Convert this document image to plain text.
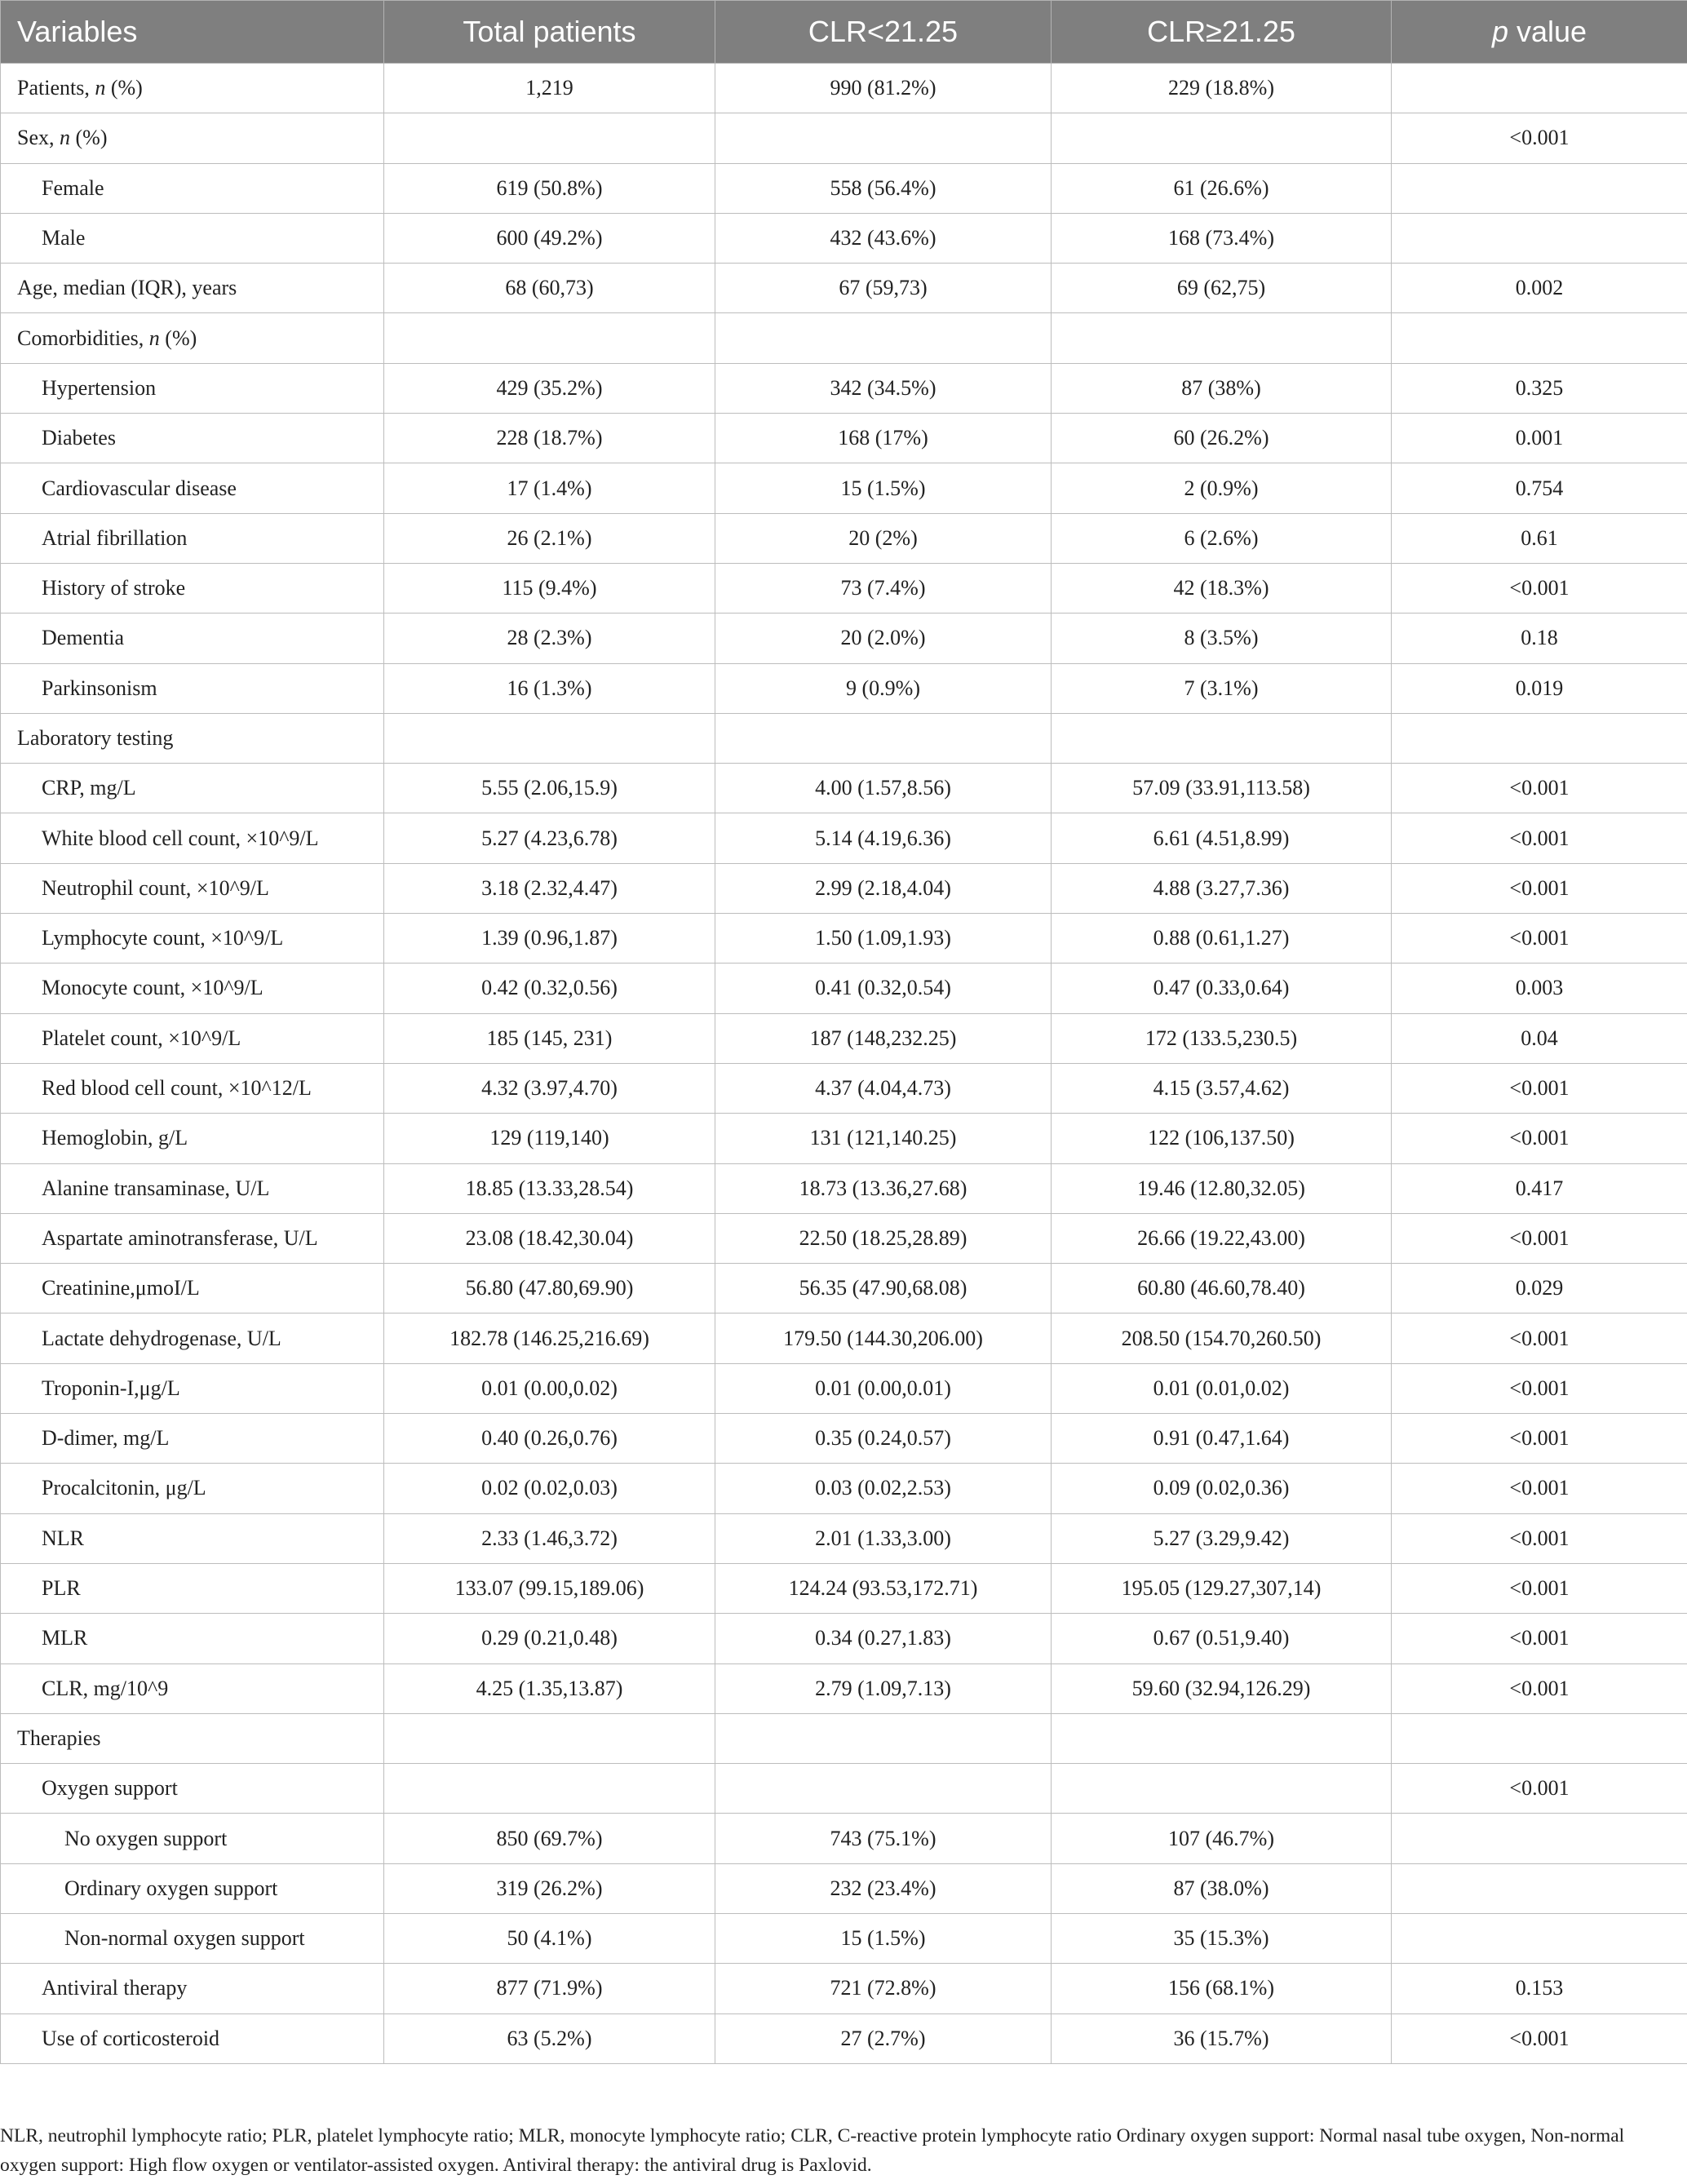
Variables	Total patients	CLR<21.25	CLR≥21.25	p value
Patients, n (%)	1,219	990 (81.2%)	229 (18.8%)	
Sex, n (%)				<0.001
Female	619 (50.8%)	558 (56.4%)	61 (26.6%)	
Male	600 (49.2%)	432 (43.6%)	168 (73.4%)	
Age, median (IQR), years	68 (60,73)	67 (59,73)	69 (62,75)	0.002
Comorbidities, n (%)				
Hypertension	429 (35.2%)	342 (34.5%)	87 (38%)	0.325
Diabetes	228 (18.7%)	168 (17%)	60 (26.2%)	0.001
Cardiovascular disease	17 (1.4%)	15 (1.5%)	2 (0.9%)	0.754
Atrial fibrillation	26 (2.1%)	20 (2%)	6 (2.6%)	0.61
History of stroke	115 (9.4%)	73 (7.4%)	42 (18.3%)	<0.001
Dementia	28 (2.3%)	20 (2.0%)	8 (3.5%)	0.18
Parkinsonism	16 (1.3%)	9 (0.9%)	7 (3.1%)	0.019
Laboratory testing				
CRP, mg/L	5.55 (2.06,15.9)	4.00 (1.57,8.56)	57.09 (33.91,113.58)	<0.001
White blood cell count, ×10^9/L	5.27 (4.23,6.78)	5.14 (4.19,6.36)	6.61 (4.51,8.99)	<0.001
Neutrophil count, ×10^9/L	3.18 (2.32,4.47)	2.99 (2.18,4.04)	4.88 (3.27,7.36)	<0.001
Lymphocyte count, ×10^9/L	1.39 (0.96,1.87)	1.50 (1.09,1.93)	0.88 (0.61,1.27)	<0.001
Monocyte count, ×10^9/L	0.42 (0.32,0.56)	0.41 (0.32,0.54)	0.47 (0.33,0.64)	0.003
Platelet count, ×10^9/L	185 (145, 231)	187 (148,232.25)	172 (133.5,230.5)	0.04
Red blood cell count, ×10^12/L	4.32 (3.97,4.70)	4.37 (4.04,4.73)	4.15 (3.57,4.62)	<0.001
Hemoglobin, g/L	129 (119,140)	131 (121,140.25)	122 (106,137.50)	<0.001
Alanine transaminase, U/L	18.85 (13.33,28.54)	18.73 (13.36,27.68)	19.46 (12.80,32.05)	0.417
Aspartate aminotransferase, U/L	23.08 (18.42,30.04)	22.50 (18.25,28.89)	26.66 (19.22,43.00)	<0.001
Creatinine,μmoI/L	56.80 (47.80,69.90)	56.35 (47.90,68.08)	60.80 (46.60,78.40)	0.029
Lactate dehydrogenase, U/L	182.78 (146.25,216.69)	179.50 (144.30,206.00)	208.50 (154.70,260.50)	<0.001
Troponin-I,μg/L	0.01 (0.00,0.02)	0.01 (0.00,0.01)	0.01 (0.01,0.02)	<0.001
D-dimer, mg/L	0.40 (0.26,0.76)	0.35 (0.24,0.57)	0.91 (0.47,1.64)	<0.001
Procalcitonin, μg/L	0.02 (0.02,0.03)	0.03 (0.02,2.53)	0.09 (0.02,0.36)	<0.001
NLR	2.33 (1.46,3.72)	2.01 (1.33,3.00)	5.27 (3.29,9.42)	<0.001
PLR	133.07 (99.15,189.06)	124.24 (93.53,172.71)	195.05 (129.27,307,14)	<0.001
MLR	0.29 (0.21,0.48)	0.34 (0.27,1.83)	0.67 (0.51,9.40)	<0.001
CLR, mg/10^9	4.25 (1.35,13.87)	2.79 (1.09,7.13)	59.60 (32.94,126.29)	<0.001
Therapies				
Oxygen support				<0.001
No oxygen support	850 (69.7%)	743 (75.1%)	107 (46.7%)	
Ordinary oxygen support	319 (26.2%)	232 (23.4%)	87 (38.0%)	
Non-normal oxygen support	50 (4.1%)	15 (1.5%)	35 (15.3%)	
Antiviral therapy	877 (71.9%)	721 (72.8%)	156 (68.1%)	0.153
Use of corticosteroid	63 (5.2%)	27 (2.7%)	36 (15.7%)	<0.001
NLR, neutrophil lymphocyte ratio; PLR, platelet lymphocyte ratio; MLR, monocyte lymphocyte ratio; CLR, C-reactive protein lymphocyte ratio Ordinary oxygen support: Normal nasal tube oxygen, Non-normal oxygen support: High flow oxygen or ventilator-assisted oxygen. Antiviral therapy: the antiviral drug is Paxlovid.
